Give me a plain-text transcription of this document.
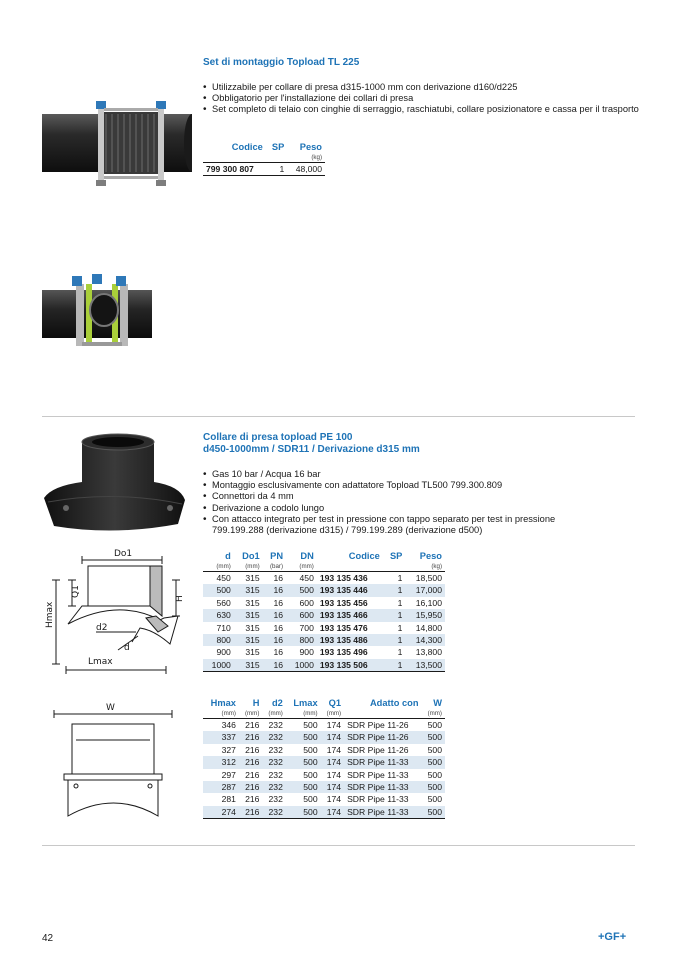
Set di montaggio Topload TL 225
• Utilizzabile per collare di presa d315-1000 mm con derivazione d160/d225
• Obbligatorio per l'installazione dei collari di presa
• Set completo di telaio con cinghie di serraggio, raschiatubi, collare posizionatore e cassa per il trasporto
Codice	SP	Peso
		(kg)
799 300 807	1	48,000
Do1
Q1
H
Hmax	d2
d
Lmax
W
Collare di presa topload PE 100
d450-1000mm / SDR11 / Derivazione d315 mm
• Gas 10 bar / Acqua 16 bar
• Montaggio esclusivamente con adattatore Topload TL500 799.300.809
• Connettori da 4 mm
• Derivazione a codolo lungo
• Con attacco integrato per test in pressione con tappo separato per test in pressione 799.199.288 (derivazione d315) / 799.199.289 (derivazione d500)
d	Do1	PN	DN	Codice	SP	Peso
(mm)	(mm)	(bar)	(mm)			(kg)
450	315	16	450	193 135 436	1	18,500
500	315	16	500	193 135 446	1	17,000
560	315	16	600	193 135 456	1	16,100
630	315	16	600	193 135 466	1	15,950
710	315	16	700	193 135 476	1	14,800
800	315	16	800	193 135 486	1	14,300
900	315	16	900	193 135 496	1	13,800
1000	315	16	1000	193 135 506	1	13,500
Hmax	H	d2	Lmax	Q1	Adatto con	W
(mm)	(mm)	(mm)	(mm)	(mm)		(mm)
346	216	232	500	174	SDR Pipe 11-26	500
337	216	232	500	174	SDR Pipe 11-26	500
327	216	232	500	174	SDR Pipe 11-26	500
312	216	232	500	174	SDR Pipe 11-33	500
297	216	232	500	174	SDR Pipe 11-33	500
287	216	232	500	174	SDR Pipe 11-33	500
281	216	232	500	174	SDR Pipe 11-33	500
274	216	232	500	174	SDR Pipe 11-33	500
42	+GF+
